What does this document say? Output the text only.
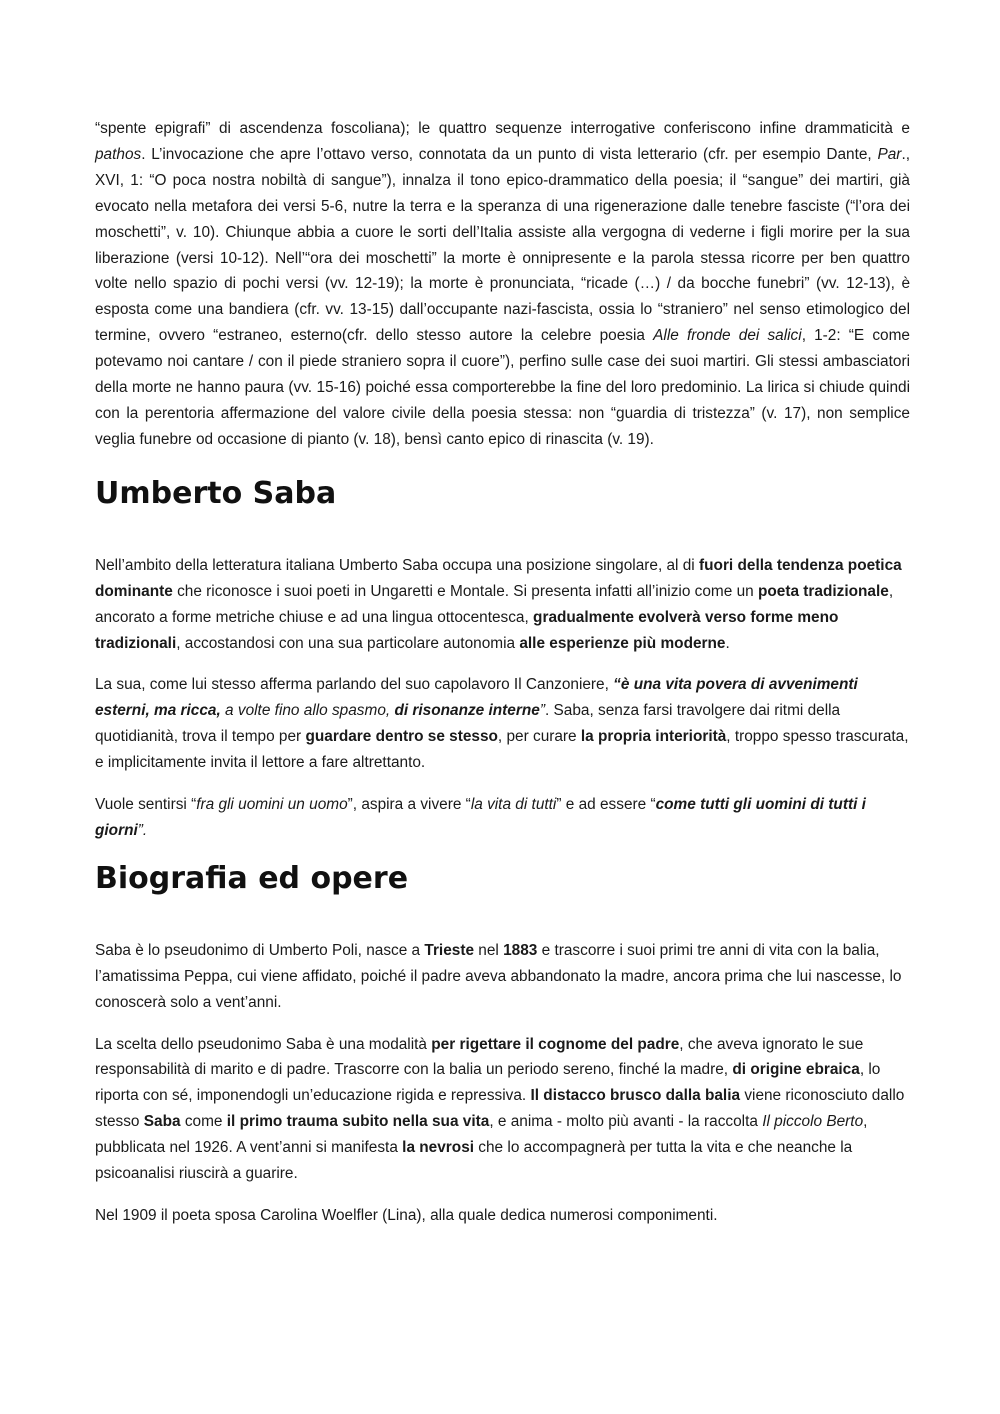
“spente epigrafi” di ascendenza foscoliana); le quattro sequenze interrogative conferiscono infine drammaticità e pathos. L’invocazione che apre l’ottavo verso, connotata da un punto di vista letterario (cfr. per esempio Dante, Par., XVI, 1: “O poca nostra nobiltà di sangue”), innalza il tono epico-drammatico della poesia; il “sangue” dei martiri, già evocato nella metafora dei versi 5-6, nutre la terra e la speranza di una rigenerazione dalle tenebre fasciste (“l’ora dei moschetti”, v. 10). Chiunque abbia a cuore le sorti dell’Italia assiste alla vergogna di vederne i figli morire per la sua liberazione (versi 10-12). Nell’“ora dei moschetti” la morte è onnipresente e la parola stessa ricorre per ben quattro volte nello spazio di pochi versi (vv. 12-19); la morte è pronunciata, “ricade (…) / da bocche funebri” (vv. 12-13), è esposta come una bandiera (cfr. vv. 13-15) dall’occupante nazi-fascista, ossia lo “straniero” nel senso etimologico del termine, ovvero “estraneo, esterno(cfr. dello stesso autore la celebre poesia Alle fronde dei salici, 1-2: “E come potevamo noi cantare / con il piede straniero sopra il cuore”), perfino sulle case dei suoi martiri. Gli stessi ambasciatori della morte ne hanno paura (vv. 15-16) poiché essa comporterebbe la fine del loro predominio. La lirica si chiude quindi con la perentoria affermazione del valore civile della poesia stessa: non “guardia di tristezza” (v. 17), non semplice veglia funebre od occasione di pianto (v. 18), bensì canto epico di rinascita (v. 19).

Umberto Saba

Nell’ambito della letteratura italiana Umberto Saba occupa una posizione singolare, al di fuori della tendenza poetica dominante che riconosce i suoi poeti in Ungaretti e Montale. Si presenta infatti all’inizio come un poeta tradizionale, ancorato a forme metriche chiuse e ad una lingua ottocentesca, gradualmente evolverà verso forme meno tradizionali, accostandosi con una sua particolare autonomia alle esperienze più moderne.

La sua, come lui stesso afferma parlando del suo capolavoro Il Canzoniere, “è una vita povera di avvenimenti esterni, ma ricca, a volte fino allo spasmo, di risonanze interne”. Saba, senza farsi travolgere dai ritmi della quotidianità, trova il tempo per guardare dentro se stesso, per curare la propria interiorità, troppo spesso trascurata, e implicitamente invita il lettore a fare altrettanto.

Vuole sentirsi “fra gli uomini un uomo”, aspira a vivere “la vita di tutti” e ad essere “come tutti gli uomini di tutti i giorni”.

Biografia ed opere

Saba è lo pseudonimo di Umberto Poli, nasce a Trieste nel 1883 e trascorre i suoi primi tre anni di vita con la balia, l’amatissima Peppa, cui viene affidato, poiché il padre aveva abbandonato la madre, ancora prima che lui nascesse, lo conoscerà solo a vent’anni.

La scelta dello pseudonimo Saba è una modalità per rigettare il cognome del padre, che aveva ignorato le sue responsabilità di marito e di padre. Trascorre con la balia un periodo sereno, finché la madre, di origine ebraica, lo riporta con sé, imponendogli un’educazione rigida e repressiva. Il distacco brusco dalla balia viene riconosciuto dallo stesso Saba come il primo trauma subito nella sua vita, e anima - molto più avanti - la raccolta Il piccolo Berto, pubblicata nel 1926. A vent’anni si manifesta la nevrosi che lo accompagnerà per tutta la vita e che neanche la psicoanalisi riuscirà a guarire.

Nel 1909 il poeta sposa Carolina Woelfler (Lina), alla quale dedica numerosi componimenti.
